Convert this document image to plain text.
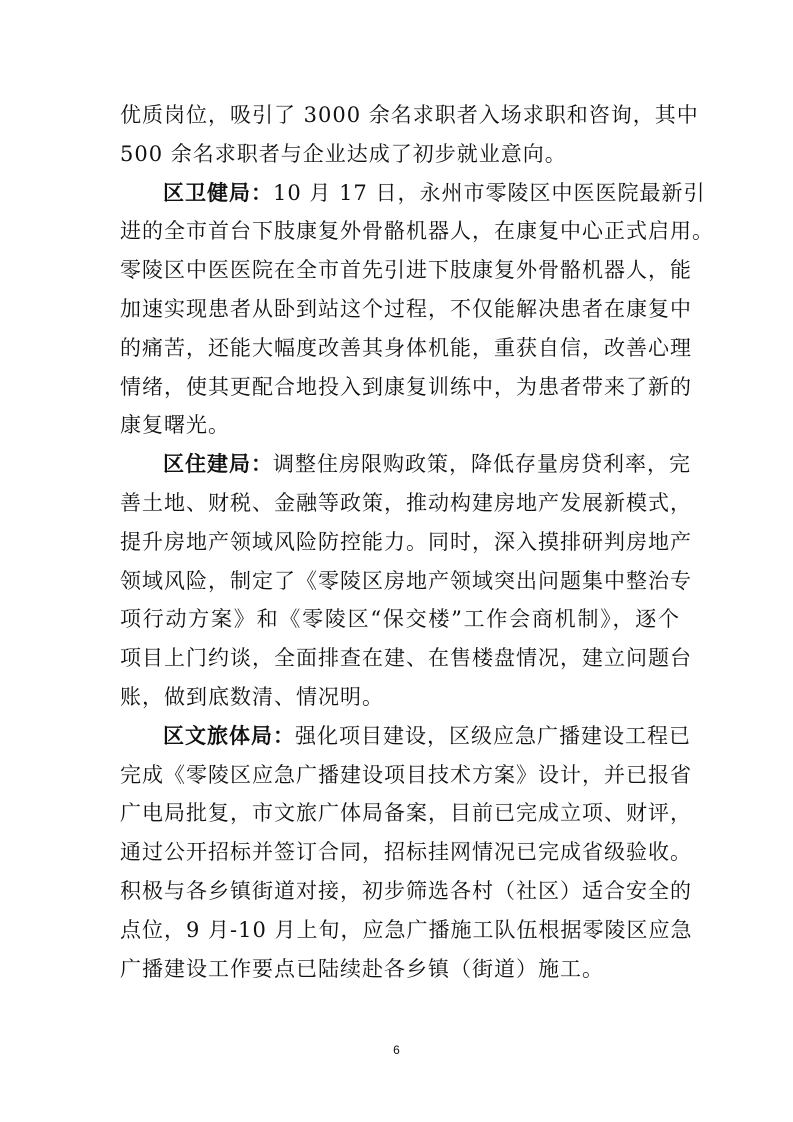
优质岗位，吸引了 3000 余名求职者入场求职和咨询，其中
500 余名求职者与企业达成了初步就业意向。
区卫健局：10 月 17 日，永州市零陵区中医医院最新引
进的全市首台下肢康复外骨骼机器人，在康复中心正式启用。
零陵区中医医院在全市首先引进下肢康复外骨骼机器人，能
加速实现患者从卧到站这个过程，不仅能解决患者在康复中
的痛苦，还能大幅度改善其身体机能，重获自信，改善心理
情绪，使其更配合地投入到康复训练中，为患者带来了新的
康复曙光。
区住建局：调整住房限购政策，降低存量房贷利率，完
善土地、财税、金融等政策，推动构建房地产发展新模式，
提升房地产领域风险防控能力。同时，深入摸排研判房地产
领域风险，制定了《零陵区房地产领域突出问题集中整治专
项行动方案》和《零陵区“保交楼”工作会商机制》，逐个
项目上门约谈，全面排查在建、在售楼盘情况，建立问题台
账，做到底数清、情况明。
区文旅体局：强化项目建设，区级应急广播建设工程已
完成《零陵区应急广播建设项目技术方案》设计，并已报省
广电局批复，市文旅广体局备案，目前已完成立项、财评，
通过公开招标并签订合同，招标挂网情况已完成省级验收。
积极与各乡镇街道对接，初步筛选各村（社区）适合安全的
点位，9 月-10 月上旬，应急广播施工队伍根据零陵区应急
广播建设工作要点已陆续赴各乡镇（街道）施工。
6
